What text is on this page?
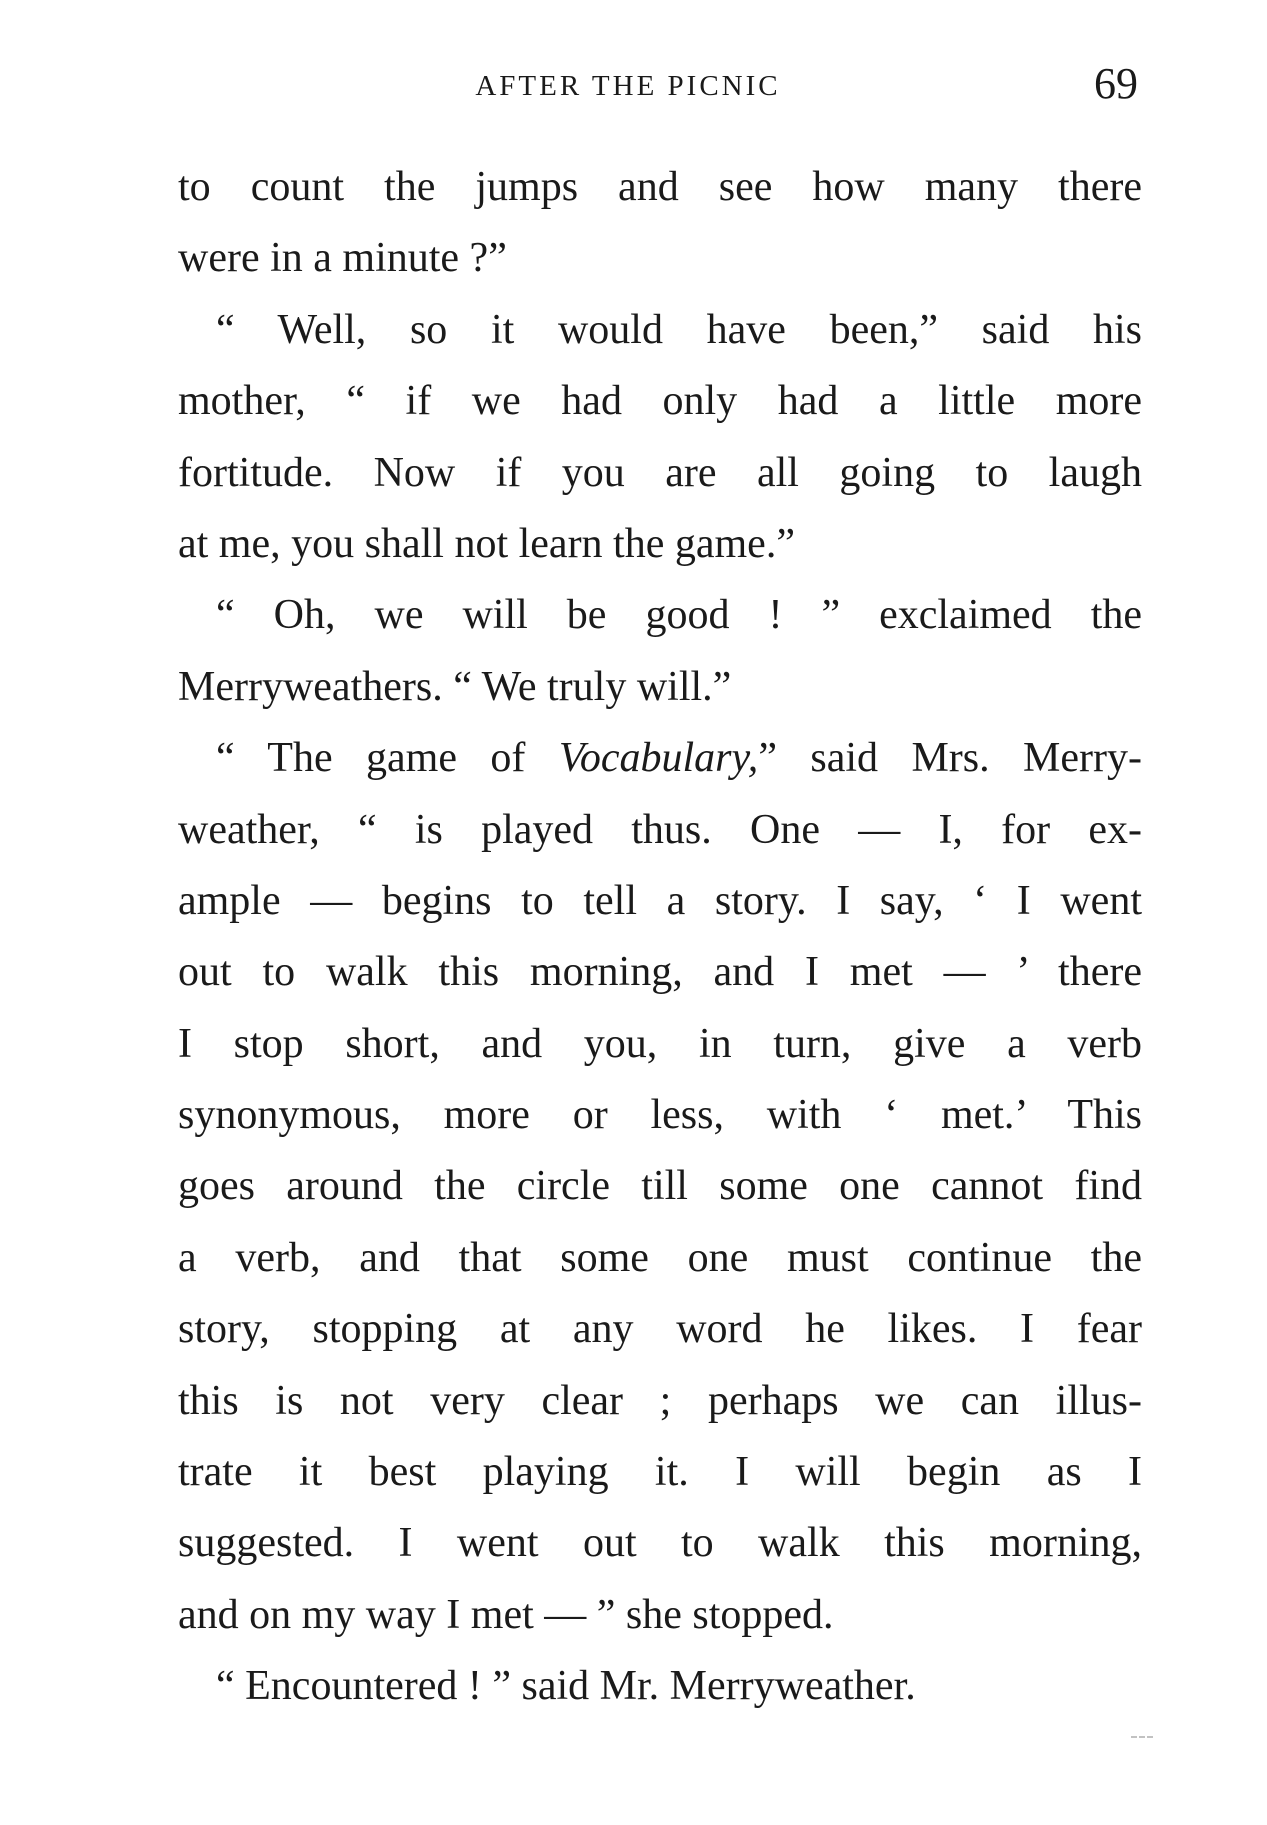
AFTER THE PICNIC	69
to count the jumps and see how many there
were in a minute ?”
“ Well, so it would have been,” said his
mother, “ if we had only had a little more
fortitude. Now if you are all going to laugh
at me, you shall not learn the game.”
“ Oh, we will be good ! ” exclaimed the
Merryweathers. “ We truly will.”
“ The game of Vocabulary,” said Mrs. Merry-
weather, “ is played thus. One — I, for ex-
ample — begins to tell a story. I say, ‘ I went
out to walk this morning, and I met — ’ there
I stop short, and you, in turn, give a verb
synonymous, more or less, with ‘ met.’ This
goes around the circle till some one cannot find
a verb, and that some one must continue the
story, stopping at any word he likes. I fear
this is not very clear ; perhaps we can illus-
trate it best playing it. I will begin as I
suggested. I went out to walk this morning,
and on my way I met — ” she stopped.
“ Encountered ! ” said Mr. Merryweather.
